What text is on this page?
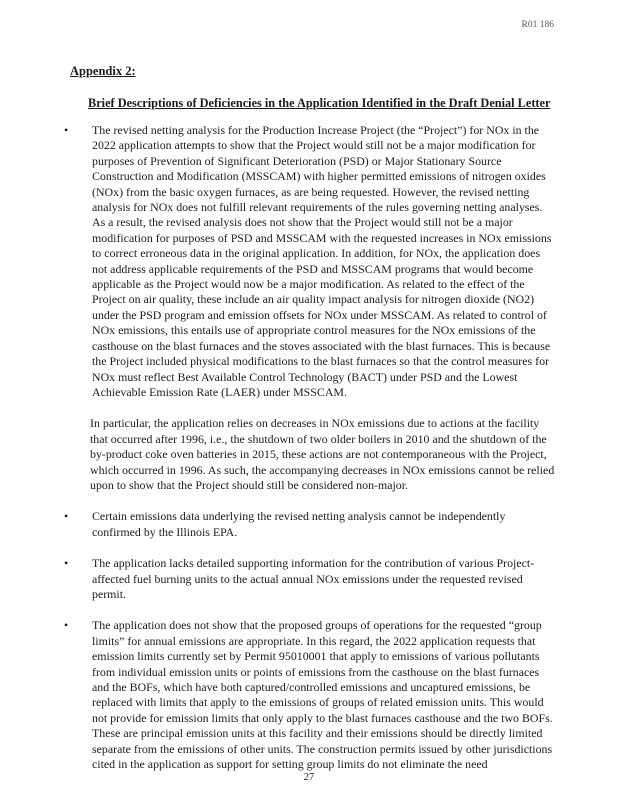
R01 186
Appendix 2:
Brief Descriptions of Deficiencies in the Application Identified in the Draft Denial Letter
•	The revised netting analysis for the Production Increase Project (the “Project”) for NOx in the 2022 application attempts to show that the Project would still not be a major modification for purposes of Prevention of Significant Deterioration (PSD) or Major Stationary Source Construction and Modification (MSSCAM) with higher permitted emissions of nitrogen oxides (NOx) from the basic oxygen furnaces, as are being requested. However, the revised netting analysis for NOx does not fulfill relevant requirements of the rules governing netting analyses. As a result, the revised analysis does not show that the Project would still not be a major modification for purposes of PSD and MSSCAM with the requested increases in NOx emissions to correct erroneous data in the original application. In addition, for NOx, the application does not address applicable requirements of the PSD and MSSCAM programs that would become applicable as the Project would now be a major modification. As related to the effect of the Project on air quality, these include an air quality impact analysis for nitrogen dioxide (NO2) under the PSD program and emission offsets for NOx under MSSCAM. As related to control of NOx emissions, this entails use of appropriate control measures for the NOx emissions of the casthouse on the blast furnaces and the stoves associated with the blast furnaces. This is because the Project included physical modifications to the blast furnaces so that the control measures for NOx must reflect Best Available Control Technology (BACT) under PSD and the Lowest Achievable Emission Rate (LAER) under MSSCAM.
In particular, the application relies on decreases in NOx emissions due to actions at the facility that occurred after 1996, i.e., the shutdown of two older boilers in 2010 and the shutdown of the by-product coke oven batteries in 2015, these actions are not contemporaneous with the Project, which occurred in 1996. As such, the accompanying decreases in NOx emissions cannot be relied upon to show that the Project should still be considered non-major.
•	Certain emissions data underlying the revised netting analysis cannot be independently confirmed by the Illinois EPA.
•	The application lacks detailed supporting information for the contribution of various Project-affected fuel burning units to the actual annual NOx emissions under the requested revised permit.
•	The application does not show that the proposed groups of operations for the requested “group limits” for annual emissions are appropriate. In this regard, the 2022 application requests that emission limits currently set by Permit 95010001 that apply to emissions of various pollutants from individual emission units or points of emissions from the casthouse on the blast furnaces and the BOFs, which have both captured/controlled emissions and uncaptured emissions, be replaced with limits that apply to the emissions of groups of related emission units. This would not provide for emission limits that only apply to the blast furnaces casthouse and the two BOFs. These are principal emission units at this facility and their emissions should be directly limited separate from the emissions of other units. The construction permits issued by other jurisdictions cited in the application as support for setting group limits do not eliminate the need
27
